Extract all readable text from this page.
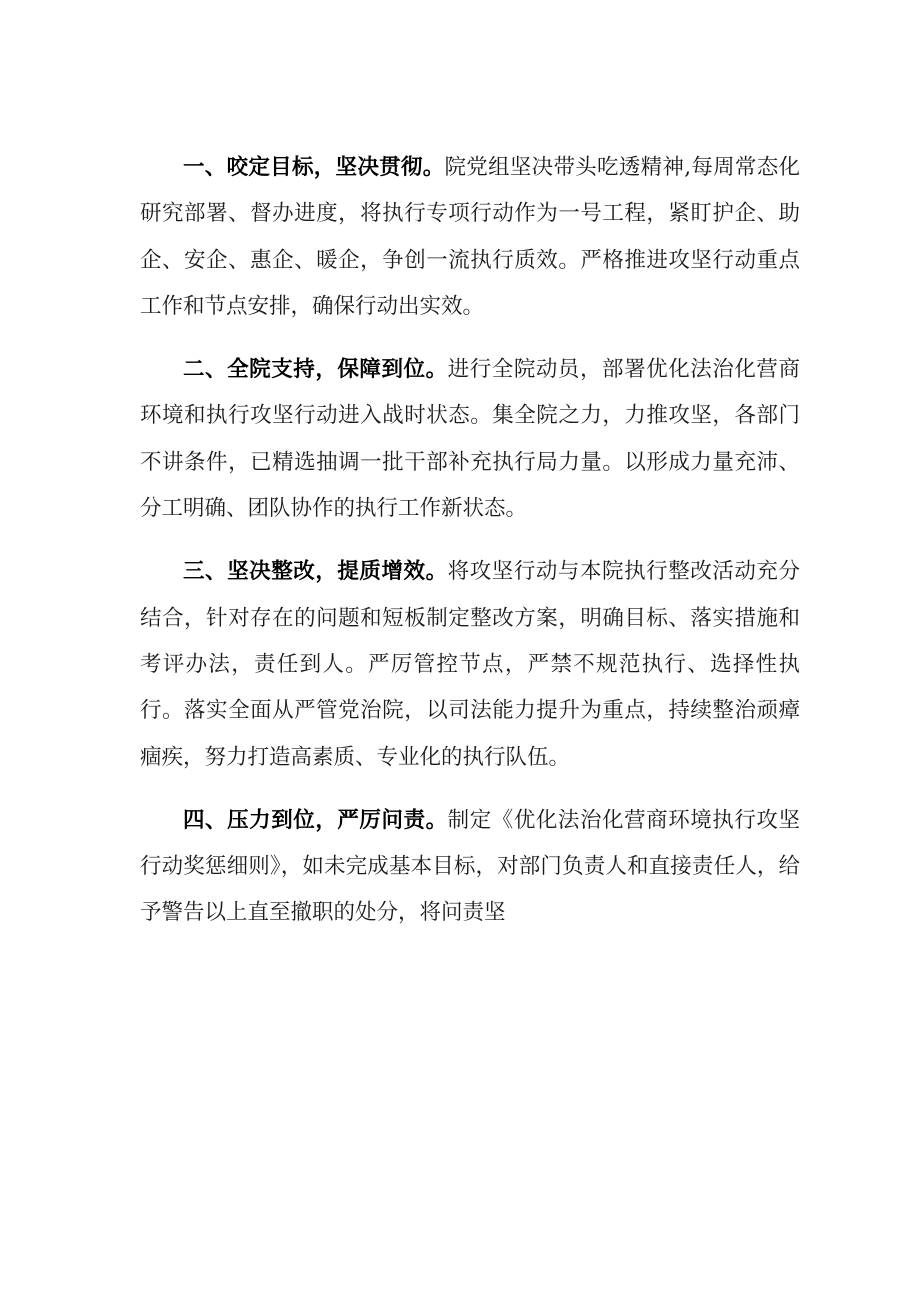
一、咬定目标，坚决贯彻。院党组坚决带头吃透精神,每周常态化研究部署、督办进度，将执行专项行动作为一号工程，紧盯护企、助企、安企、惠企、暖企，争创一流执行质效。严格推进攻坚行动重点工作和节点安排，确保行动出实效。

二、全院支持，保障到位。进行全院动员，部署优化法治化营商环境和执行攻坚行动进入战时状态。集全院之力，力推攻坚，各部门不讲条件，已精选抽调一批干部补充执行局力量。以形成力量充沛、分工明确、团队协作的执行工作新状态。

三、坚决整改，提质增效。将攻坚行动与本院执行整改活动充分结合，针对存在的问题和短板制定整改方案，明确目标、落实措施和考评办法，责任到人。严厉管控节点，严禁不规范执行、选择性执行。落实全面从严管党治院，以司法能力提升为重点，持续整治顽瘴痼疾，努力打造高素质、专业化的执行队伍。

四、压力到位，严厉问责。制定《优化法治化营商环境执行攻坚行动奖惩细则》，如未完成基本目标，对部门负责人和直接责任人，给予警告以上直至撤职的处分，将问责坚
